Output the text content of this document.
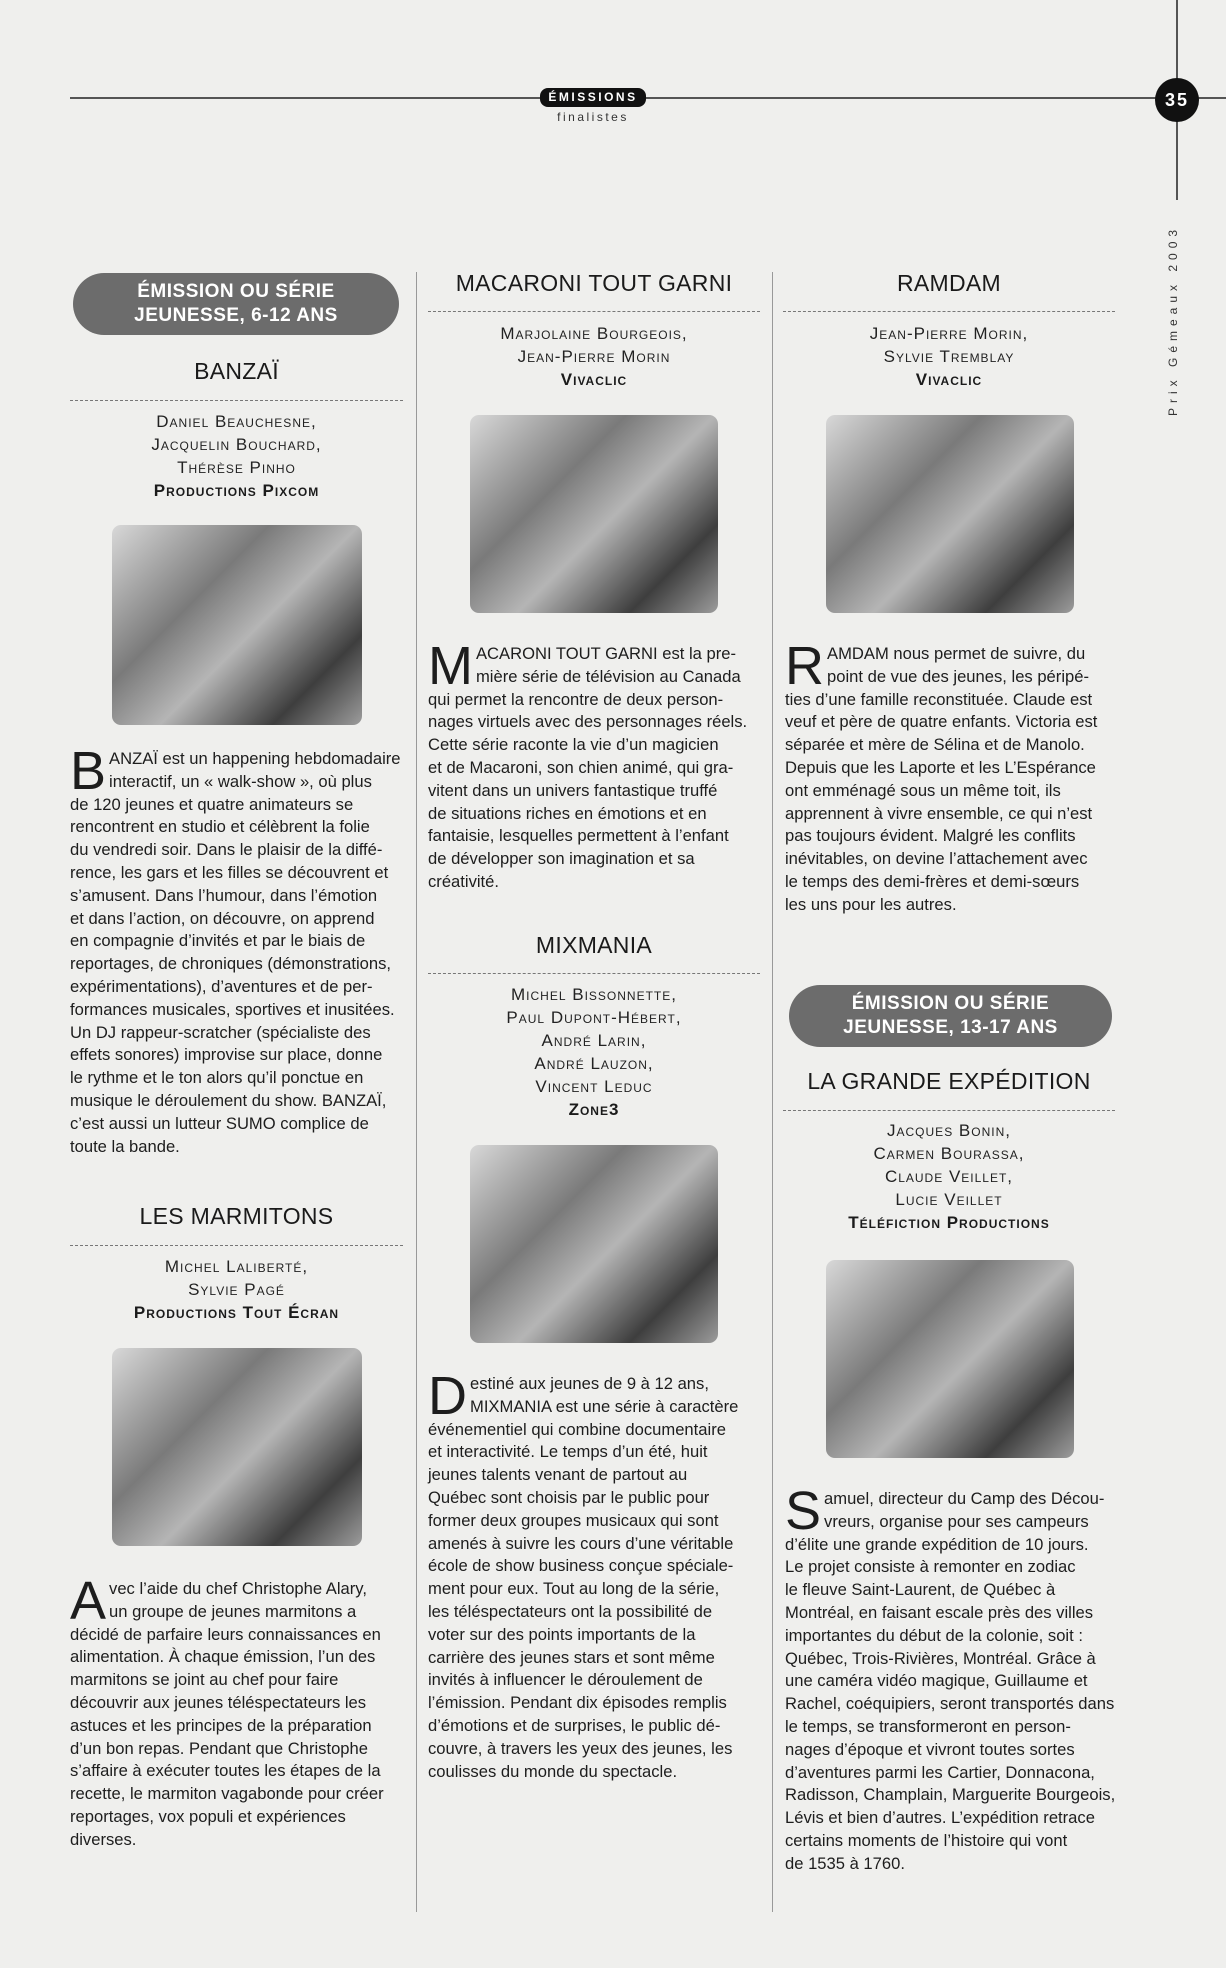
ÉMISSIONS
finalistes
35
Prix Gémeaux 2003
ÉMISSION OU SÉRIE
JEUNESSE, 6-12 ANS
BANZAÏ
Daniel Beauchesne,
Jacquelin Bouchard,
Thérèse Pinho
Productions Pixcom
BANZAÏ est un happening hebdomadaire
interactif, un « walk-show », où plus
de 120 jeunes et quatre animateurs se
rencontrent en studio et célèbrent la folie
du vendredi soir. Dans le plaisir de la diffé-
rence, les gars et les filles se découvrent et
s’amusent. Dans l’humour, dans l’émotion
et dans l’action, on découvre, on apprend
en compagnie d’invités et par le biais de
reportages, de chroniques (démonstrations,
expérimentations), d’aventures et de per-
formances musicales, sportives et inusitées.
Un DJ rappeur-scratcher (spécialiste des
effets sonores) improvise sur place, donne
le rythme et le ton alors qu’il ponctue en
musique le déroulement du show. BANZAÏ,
c’est aussi un lutteur SUMO complice de
toute la bande.
LES MARMITONS
Michel Laliberté,
Sylvie Pagé
Productions Tout Écran
Avec l’aide du chef Christophe Alary,
un groupe de jeunes marmitons a
décidé de parfaire leurs connaissances en
alimentation. À chaque émission, l’un des
marmitons se joint au chef pour faire
découvrir aux jeunes téléspectateurs les
astuces et les principes de la préparation
d’un bon repas. Pendant que Christophe
s’affaire à exécuter toutes les étapes de la
recette, le marmiton vagabonde pour créer
reportages, vox populi et expériences
diverses.
MACARONI TOUT GARNI
Marjolaine Bourgeois,
Jean-Pierre Morin
Vivaclic
MACARONI TOUT GARNI est la pre-
mière série de télévision au Canada
qui permet la rencontre de deux person-
nages virtuels avec des personnages réels.
Cette série raconte la vie d’un magicien
et de Macaroni, son chien animé, qui gra-
vitent dans un univers fantastique truffé
de situations riches en émotions et en
fantaisie, lesquelles permettent à l’enfant
de développer son imagination et sa
créativité.
MIXMANIA
Michel Bissonnette,
Paul Dupont-Hébert,
André Larin,
André Lauzon,
Vincent Leduc
Zone3
Destiné aux jeunes de 9 à 12 ans,
MIXMANIA est une série à caractère
événementiel qui combine documentaire
et interactivité. Le temps d’un été, huit
jeunes talents venant de partout au
Québec sont choisis par le public pour
former deux groupes musicaux qui sont
amenés à suivre les cours d’une véritable
école de show business conçue spéciale-
ment pour eux. Tout au long de la série,
les téléspectateurs ont la possibilité de
voter sur des points importants de la
carrière des jeunes stars et sont même
invités à influencer le déroulement de
l’émission. Pendant dix épisodes remplis
d’émotions et de surprises, le public dé-
couvre, à travers les yeux des jeunes, les
coulisses du monde du spectacle.
RAMDAM
Jean-Pierre Morin,
Sylvie Tremblay
Vivaclic
RAMDAM nous permet de suivre, du
point de vue des jeunes, les péripé-
ties d’une famille reconstituée. Claude est
veuf et père de quatre enfants. Victoria est
séparée et mère de Sélina et de Manolo.
Depuis que les Laporte et les L’Espérance
ont emménagé sous un même toit, ils
apprennent à vivre ensemble, ce qui n’est
pas toujours évident. Malgré les conflits
inévitables, on devine l’attachement avec
le temps des demi-frères et demi-sœurs
les uns pour les autres.
ÉMISSION OU SÉRIE
JEUNESSE, 13-17 ANS
LA GRANDE EXPÉDITION
Jacques Bonin,
Carmen Bourassa,
Claude Veillet,
Lucie Veillet
Téléfiction Productions
Samuel, directeur du Camp des Décou-
vreurs, organise pour ses campeurs
d’élite une grande expédition de 10 jours.
Le projet consiste à remonter en zodiac
le fleuve Saint-Laurent, de Québec à
Montréal, en faisant escale près des villes
importantes du début de la colonie, soit :
Québec, Trois-Rivières, Montréal. Grâce à
une caméra vidéo magique, Guillaume et
Rachel, coéquipiers, seront transportés dans
le temps, se transformeront en person-
nages d’époque et vivront toutes sortes
d’aventures parmi les Cartier, Donnacona,
Radisson, Champlain, Marguerite Bourgeois,
Lévis et bien d’autres. L’expédition retrace
certains moments de l’histoire qui vont
de 1535 à 1760.
